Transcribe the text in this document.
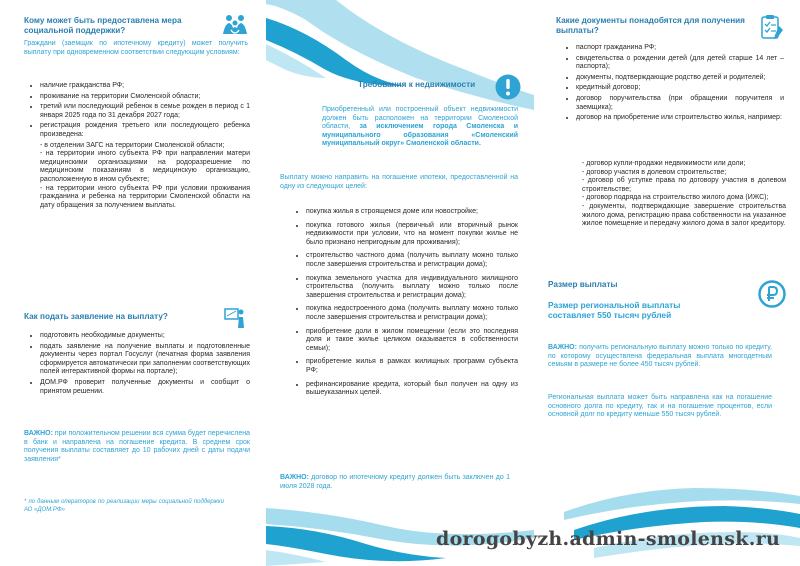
Кому может быть предоставлена мера социальной поддержки?

Граждани (заемщик по ипотечному кредиту) может получить выплату при одновременном соответствии следующим условиям:

• наличие гражданства РФ;
• проживание на территории Смоленской области;
• третий или последующий ребенок в семье рожден в период с 1 января 2025 года по 31 декабря 2027 года;
• регистрация рождения третьего или последующего ребенка произведена:

- в отделении ЗАГС на территории Смоленской области;

- на территории иного субъекта РФ при направлении матери медицинскими организациями на родоразрешение по медицинским показаниям в медицинскую организацию, расположенную в ином субъекте;

- на территории иного субъекта РФ при условии проживания гражданина и ребенка на территории Смоленской области на дату обращения за получением выплаты.

Как подать заявление на выплату?

• подготовить необходимые документы;
• подать заявление на получение выплаты и подготовленные документы через портал Госуслуг (печатная форма заявления сформируется автоматически при заполнении соответствующих полей интерактивной формы на портале);
• ДОМ.РФ проверит полученные документы и сообщит о принятом решении.

ВАЖНО: при положительном решении вся сумма будет перечислена в банк и направлена на погашение кредита. В среднем срок получения выплаты составляет до 10 рабочих дней с даты подачи заявления*

* по данным операторов по реализации меры социальной поддержки АО «ДОМ.РФ»

Требования к недвижимости

Приобретенный или построенный объект недвижимости должен быть расположен на территории Смоленской области, за исключением города Смоленска и муниципального образования «Смоленский муниципальный округ» Смоленской области.

Выплату можно направить на погашение ипотеки, предоставленной на одну из следующих целей:

• покупка жилья в строящемся доме или новостройке;
• покупка готового жилья (первичный или вторичный рынок недвижимости при условии, что на момент покупки жилье не было признано непригодным для проживания);
• строительство частного дома (получить выплату можно только после завершения строительства и регистрации дома);
• покупка земельного участка для индивидуального жилищного строительства (получить выплату можно только после завершения строительства и регистрации дома);
• покупка недостроенного дома (получить выплату можно только после завершения строительства и регистрации дома);
• приобретение доли в жилом помещении (если это последняя доля и такое жилье целиком оказывается в собственности семьи);
• приобретение жилья в рамках жилищных программ субъекта РФ;
• рефинансирование кредита, который был получен на одну из вышеуказанных целей.

ВАЖНО: договор по ипотечному кредиту должен быть заключен до 1 июля 2028 года.

Какие документы понадобятся для получения выплаты?

• паспорт гражданина РФ;
• свидетельства о рождении детей (для детей старше 14 лет –паспорта);
• документы, подтверждающие родство детей и родителей;
• кредитный договор;
• договор поручительства (при обращении поручителя и заемщика);
• договор на приобретение или строительство жилья, например:

- договор купли-продажи недвижимости или доли;

- договор участия в долевом строительстве;

- договор об уступке права по договору участия в долевом строительстве;

- договор подряда на строительство жилого дома (ИЖС);

- документы, подтверждающие завершение строительства жилого дома, регистрацию права собственности на указанное жилое помещение и передачу жилого дома в залог кредитору.

Размер выплаты

Размер региональной выплаты составляет 550 тысяч рублей

ВАЖНО: получить региональную выплату можно только по кредиту, по которому осуществлена федеральная выплата многодетным семьям в размере не более 450 тысяч рублей.

Региональная выплата может быть направлена как на погашение основного долга по кредиту, так и на погашение процентов, если основной долг по кредиту меньше 550 тысяч рублей.

dorogobyzh.admin-smolensk.ru
